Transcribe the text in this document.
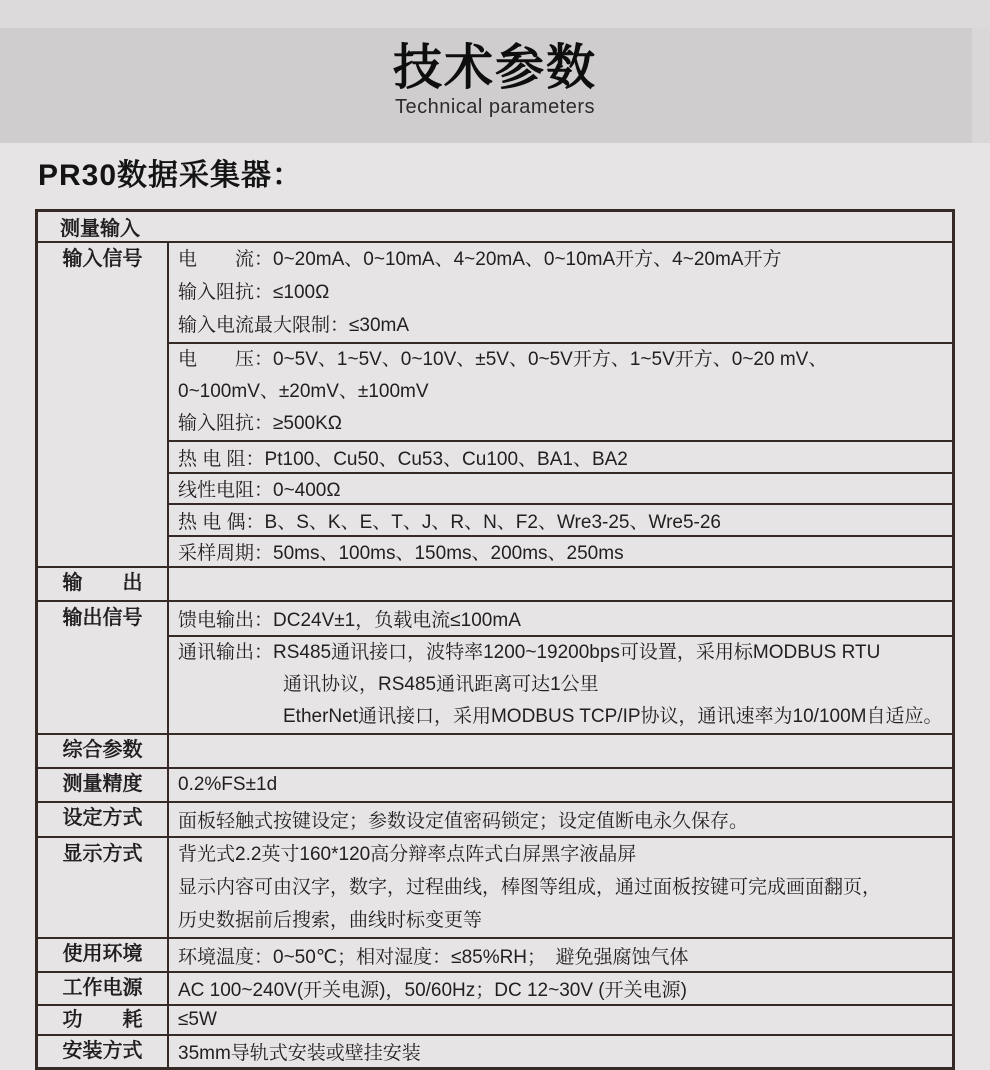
技术参数
Technical parameters
PR30数据采集器：
测量输入
输入信号	电　　流：0~20mA、0~10mA、4~20mA、0~10mA开方、4~20mA开方
输入阻抗：≤100Ω
输入电流最大限制：≤30mA
电　　压：0~5V、1~5V、0~10V、±5V、0~5V开方、1~5V开方、0~20 mV、
0~100mV、±20mV、±100mV
输入阻抗：≥500KΩ
热 电 阻：Pt100、Cu50、Cu53、Cu100、BA1、BA2
线性电阻：0~400Ω
热 电 偶：B、S、K、E、T、J、R、N、F2、Wre3-25、Wre5-26
采样周期：50ms、100ms、150ms、200ms、250ms
输　　出
输出信号	馈电输出：DC24V±1，负载电流≤100mA
通讯输出：RS485通讯接口，波特率1200~19200bps可设置，采用标MODBUS RTU
通讯协议，RS485通讯距离可达1公里
EtherNet通讯接口，采用MODBUS TCP/IP协议，通讯速率为10/100M自适应。
综合参数
测量精度	0.2%FS±1d
设定方式	面板轻触式按键设定；参数设定值密码锁定；设定值断电永久保存。
显示方式	背光式2.2英寸160*120高分辩率点阵式白屏黑字液晶屏
显示内容可由汉字，数字，过程曲线，棒图等组成，通过面板按键可完成画面翻页，
历史数据前后搜索，曲线时标变更等
使用环境	环境温度：0~50℃；相对湿度：≤85%RH；　避免强腐蚀气体
工作电源	AC 100~240V(开关电源)，50/60Hz；DC 12~30V (开关电源)
功　　耗	≤5W
安装方式	35mm导轨式安装或壁挂安装
